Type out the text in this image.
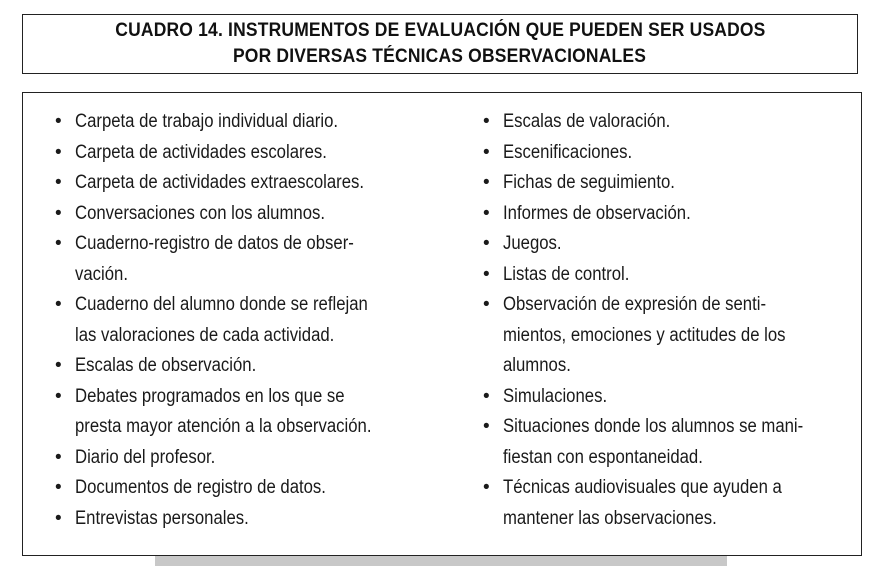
CUADRO 14. INSTRUMENTOS DE EVALUACIÓN QUE PUEDEN SER USADOS
POR DIVERSAS TÉCNICAS OBSERVACIONALES
• Carpeta de trabajo individual diario.
• Carpeta de actividades escolares.
• Carpeta de actividades extraescolares.
• Conversaciones con los alumnos.
• Cuaderno-registro de datos de obser-
vación.
• Cuaderno del alumno donde se reflejan
las valoraciones de cada actividad.
• Escalas de observación.
• Debates programados en los que se
presta mayor atención a la observación.
• Diario del profesor.
• Documentos de registro de datos.
• Entrevistas personales.
• Escalas de valoración.
• Escenificaciones.
• Fichas de seguimiento.
• Informes de observación.
• Juegos.
• Listas de control.
• Observación de expresión de senti-
mientos, emociones y actitudes de los
alumnos.
• Simulaciones.
• Situaciones donde los alumnos se mani-
fiestan con espontaneidad.
• Técnicas audiovisuales que ayuden a
mantener las observaciones.
